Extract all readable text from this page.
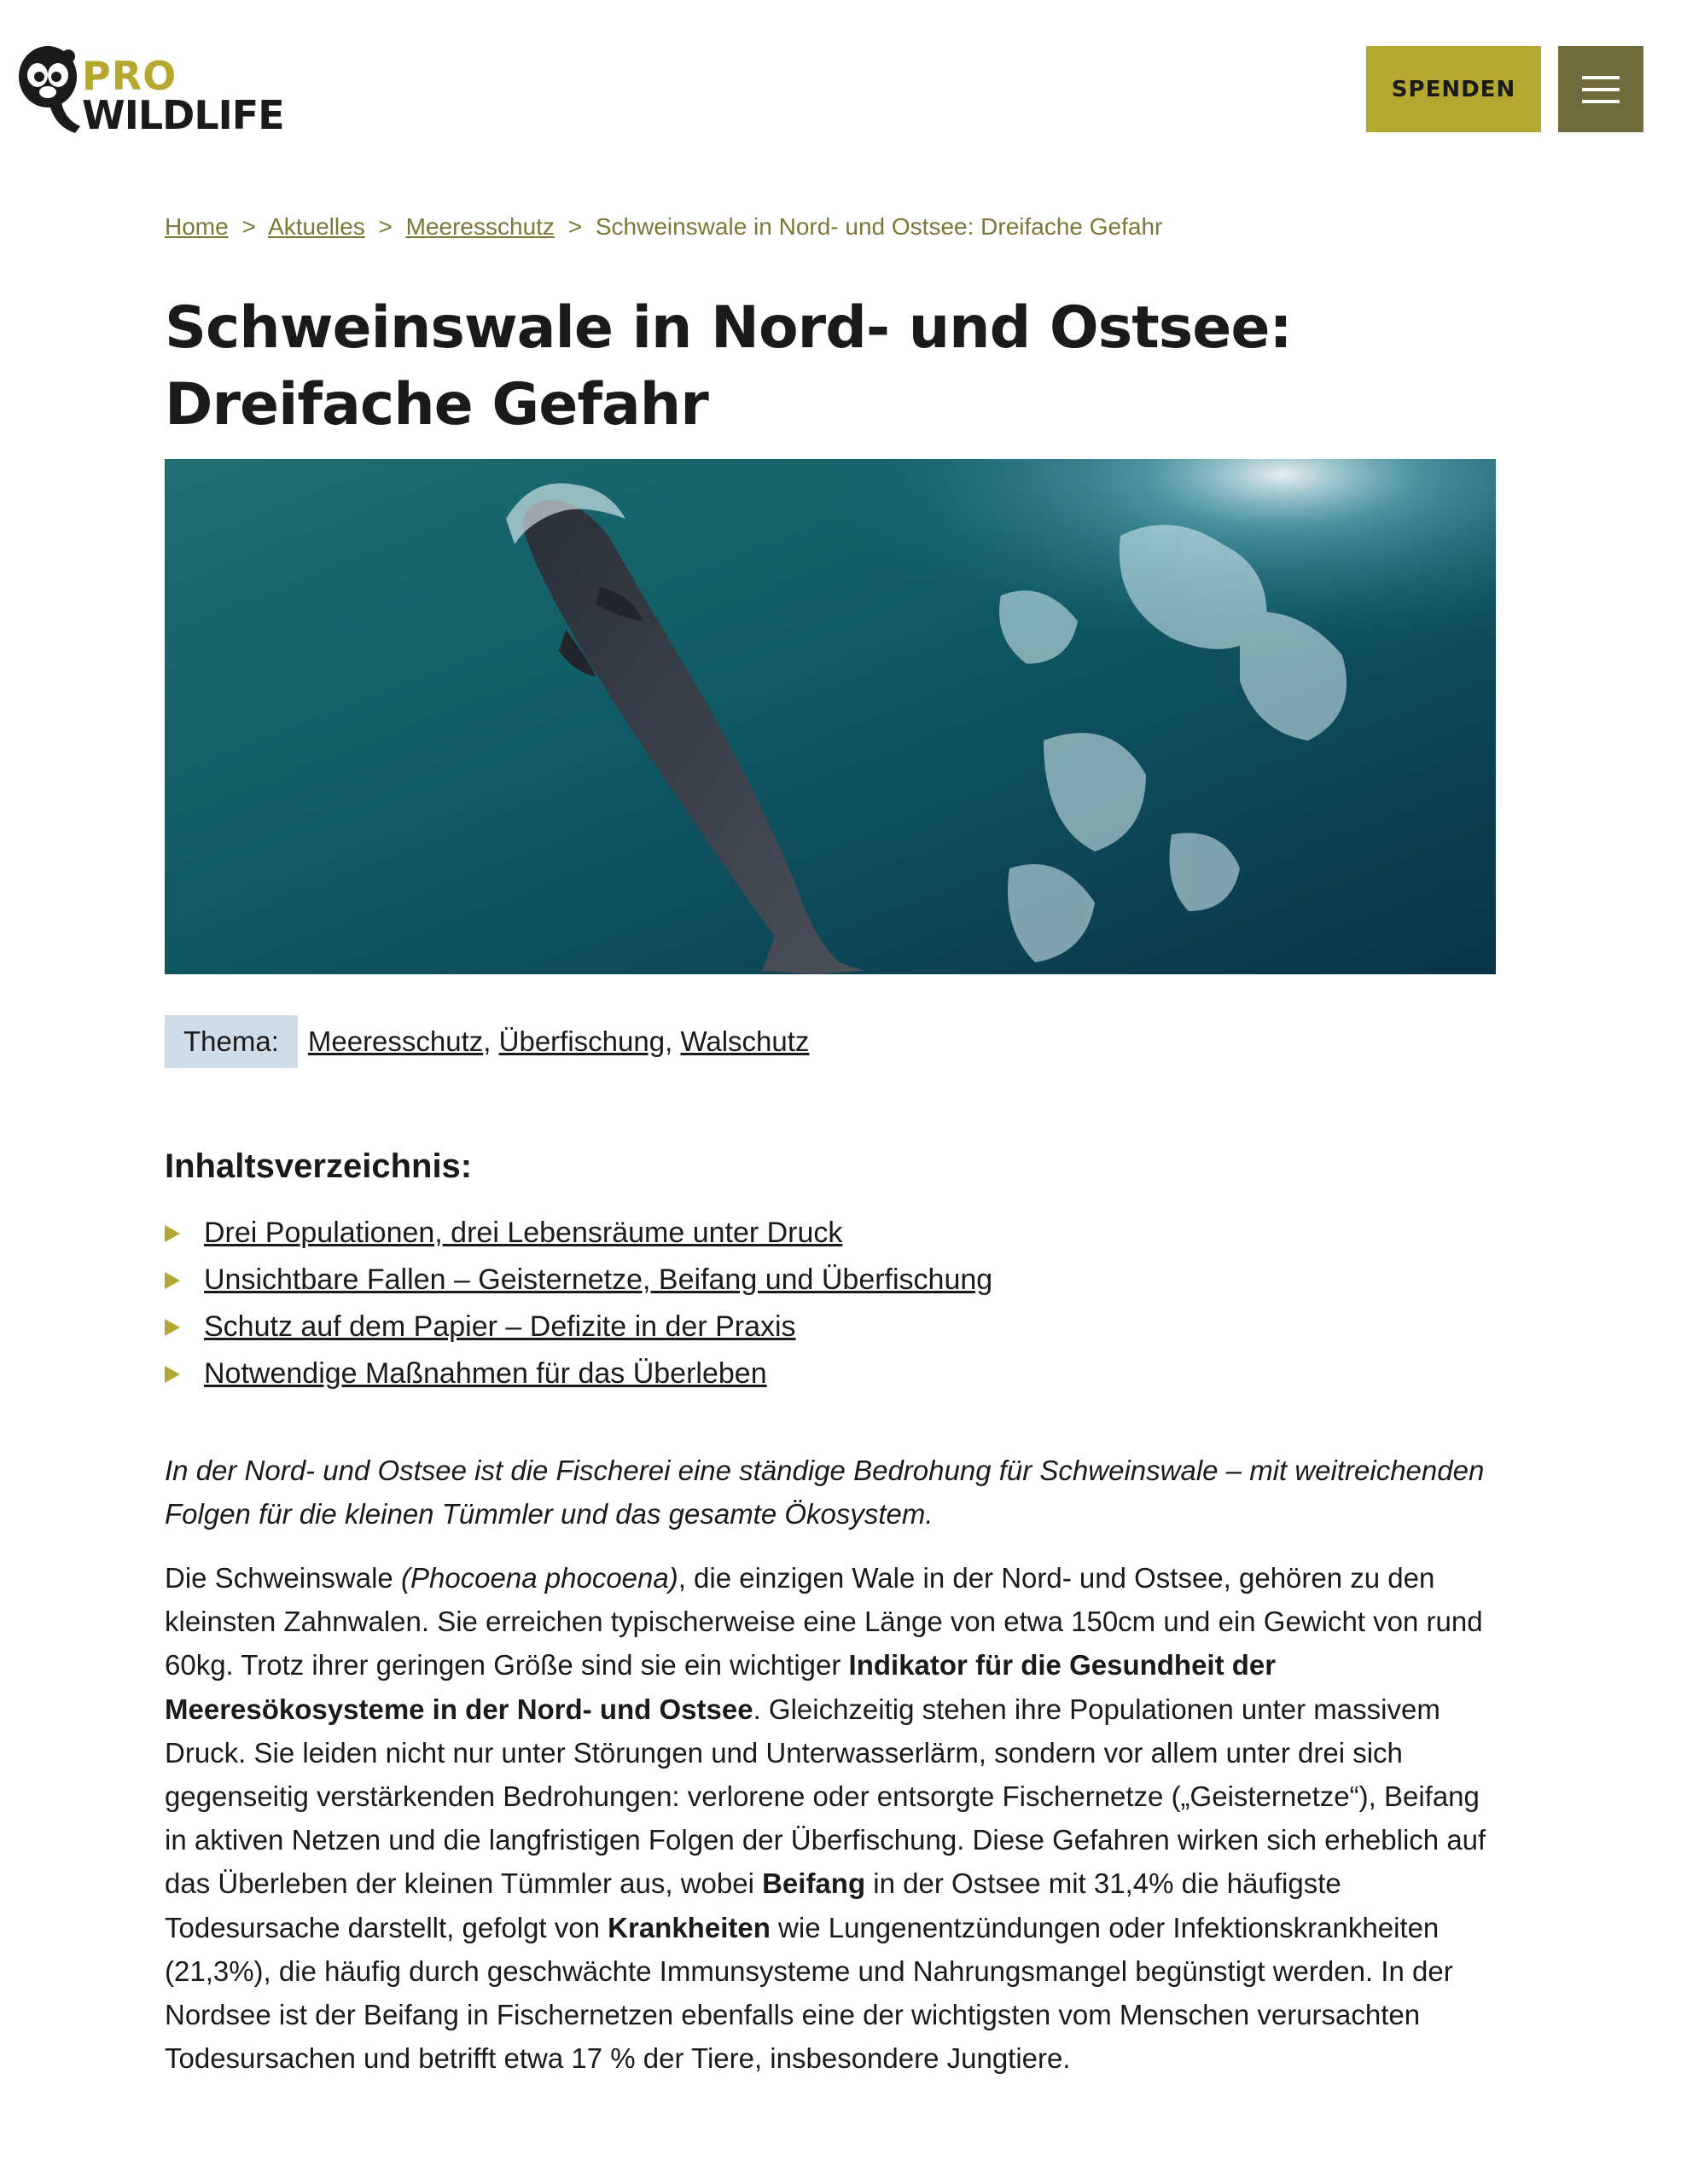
PRO
WILDLIFE
SPENDEN
Home > Aktuelles > Meeresschutz > Schweinswale in Nord- und Ostsee: Dreifache Gefahr
Schweinswale in Nord- und Ostsee: Dreifache Gefahr
Thema:	Meeresschutz, Überfischung, Walschutz
Inhaltsverzeichnis:
Drei Populationen, drei Lebensräume unter Druck
Unsichtbare Fallen – Geisternetze, Beifang und Überfischung
Schutz auf dem Papier – Defizite in der Praxis
Notwendige Maßnahmen für das Überleben

In der Nord- und Ostsee ist die Fischerei eine ständige Bedrohung für Schweinswale – mit weitreichenden Folgen für die kleinen Tümmler und das gesamte Ökosystem.

Die Schweinswale (Phocoena phocoena), die einzigen Wale in der Nord- und Ostsee, gehören zu den kleinsten Zahnwalen. Sie erreichen typischerweise eine Länge von etwa 150cm und ein Gewicht von rund 60kg. Trotz ihrer geringen Größe sind sie ein wichtiger Indikator für die Gesundheit der Meeresökosysteme in der Nord- und Ostsee. Gleichzeitig stehen ihre Populationen unter massivem Druck. Sie leiden nicht nur unter Störungen und Unterwasserlärm, sondern vor allem unter drei sich gegenseitig verstärkenden Bedrohungen: verlorene oder entsorgte Fischernetze („Geisternetze“), Beifang in aktiven Netzen und die langfristigen Folgen der Überfischung. Diese Gefahren wirken sich erheblich auf das Überleben der kleinen Tümmler aus, wobei Beifang in der Ostsee mit 31,4% die häufigste Todesursache darstellt, gefolgt von Krankheiten wie Lungenentzündungen oder Infektionskrankheiten (21,3%), die häufig durch geschwächte Immunsysteme und Nahrungsmangel begünstigt werden. In der Nordsee ist der Beifang in Fischernetzen ebenfalls eine der wichtigsten vom Menschen verursachten Todesursachen und betrifft etwa 17 % der Tiere, insbesondere Jungtiere.
